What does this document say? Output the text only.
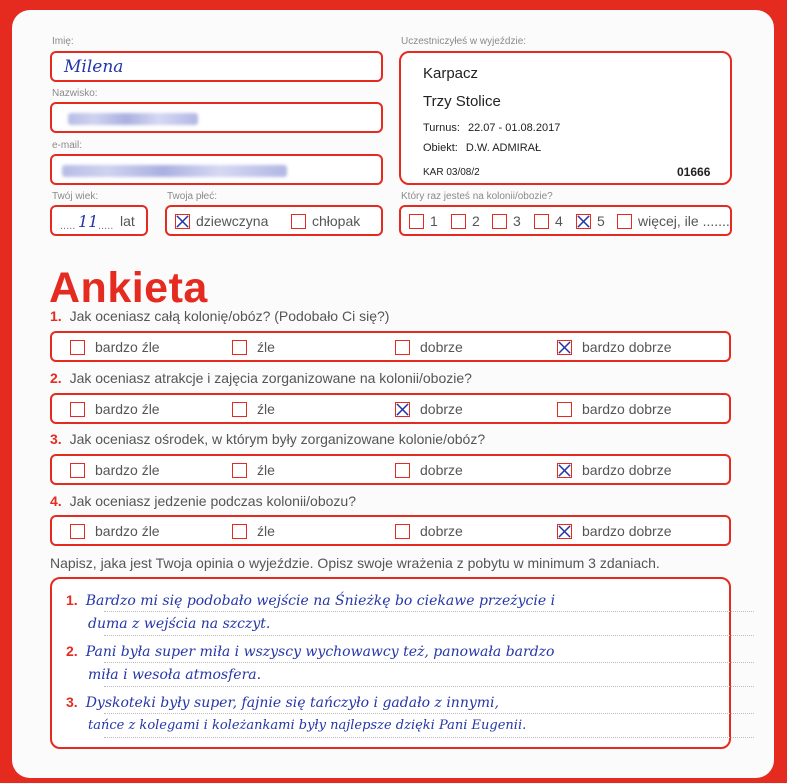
Imię:
Milena
Nazwisko:
e-mail:
Twój wiek:
..... 11 ..... lat
Twoja płeć:
dziewczyna	chłopak
Uczestniczyłeś w wyjeździe:
Karpacz
Trzy Stolice
Turnus: 22.07 - 01.08.2017
Obiekt: D.W. ADMIRAŁ
KAR 03/08/2	01666
Który raz jesteś na kolonii/obozie?
1 2 3 4 5 więcej, ile .......
Ankieta
1. Jak oceniasz całą kolonię/obóz? (Podobało Ci się?)
bardzo źle	źle	dobrze	bardzo dobrze
2. Jak oceniasz atrakcje i zajęcia zorganizowane na kolonii/obozie?
bardzo źle	źle	dobrze	bardzo dobrze
3. Jak oceniasz ośrodek, w którym były zorganizowane kolonie/obóz?
bardzo źle	źle	dobrze	bardzo dobrze
4. Jak oceniasz jedzenie podczas kolonii/obozu?
bardzo źle	źle	dobrze	bardzo dobrze
Napisz, jaka jest Twoja opinia o wyjeździe. Opisz swoje wrażenia z pobytu w minimum 3 zdaniach.
1. Bardzo mi się podobało wejście na Śnieżkę bo ciekawe przeżycie i
duma z wejścia na szczyt.
2. Pani była super miła i wszyscy wychowawcy też, panowała bardzo
miła i wesoła atmosfera.
3. Dyskoteki były super, fajnie się tańczyło i gadało z innymi,
tańce z kolegami i koleżankami były najlepsze dzięki Pani Eugenii.
